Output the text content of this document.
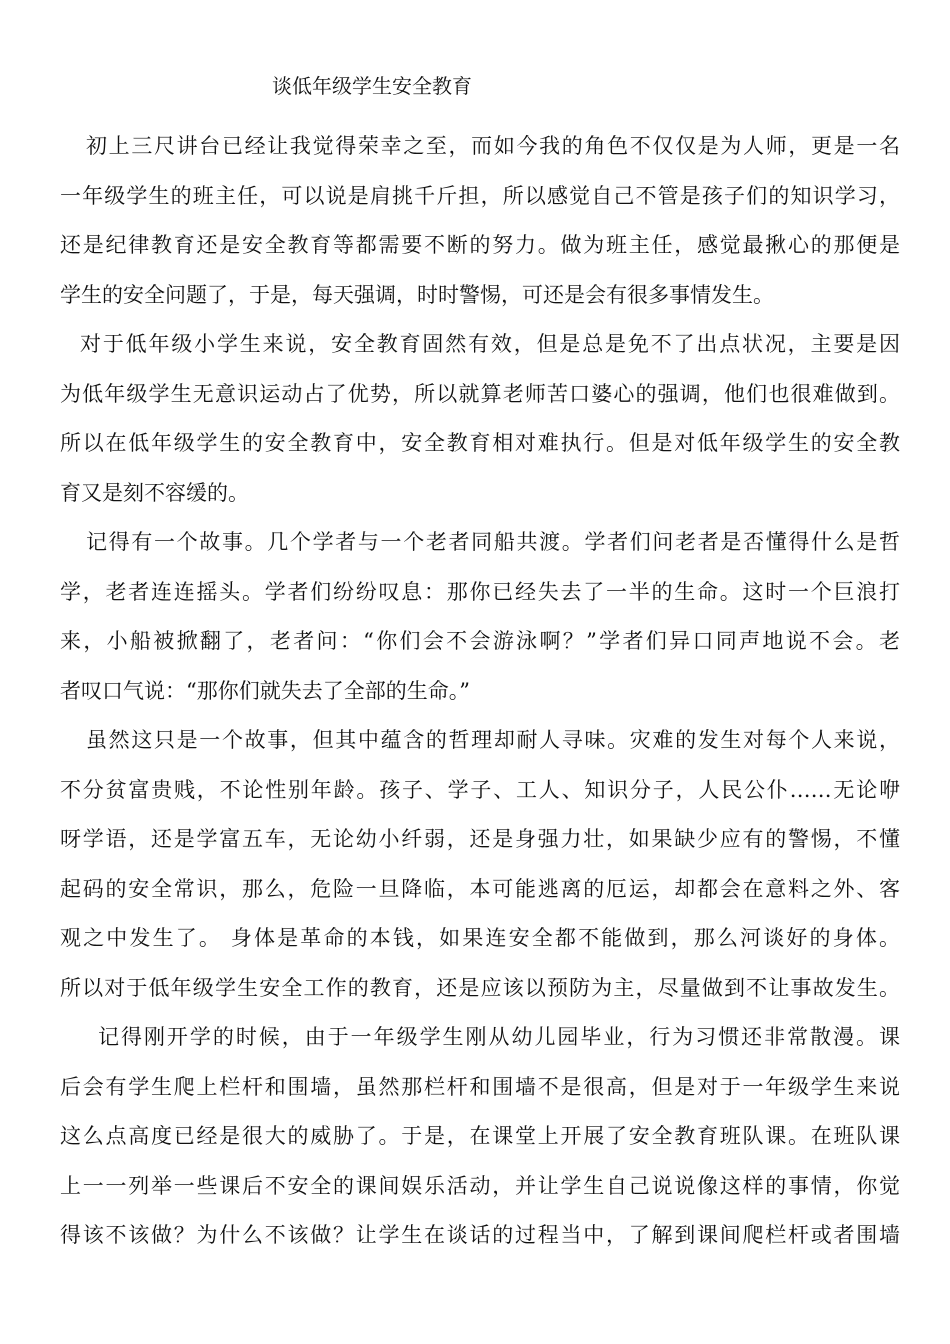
谈低年级学生安全教育
初上三尺讲台已经让我觉得荣幸之至，而如今我的角色不仅仅是为人师，更是一名
一年级学生的班主任，可以说是肩挑千斤担，所以感觉自己不管是孩子们的知识学习，
还是纪律教育还是安全教育等都需要不断的努力。做为班主任，感觉最揪心的那便是
学生的安全问题了，于是，每天强调，时时警惕，可还是会有很多事情发生。
对于低年级小学生来说，安全教育固然有效，但是总是免不了出点状况，主要是因
为低年级学生无意识运动占了优势，所以就算老师苦口婆心的强调，他们也很难做到。
所以在低年级学生的安全教育中，安全教育相对难执行。但是对低年级学生的安全教
育又是刻不容缓的。
记得有一个故事。几个学者与一个老者同船共渡。学者们问老者是否懂得什么是哲
学，老者连连摇头。学者们纷纷叹息：那你已经失去了一半的生命。这时一个巨浪打
来，小船被掀翻了，老者问：“你们会不会游泳啊？”学者们异口同声地说不会。老
者叹口气说：“那你们就失去了全部的生命。”
虽然这只是一个故事，但其中蕴含的哲理却耐人寻味。灾难的发生对每个人来说，
不分贫富贵贱，不论性别年龄。孩子、学子、工人、知识分子，人民公仆……无论咿
呀学语，还是学富五车，无论幼小纤弱，还是身强力壮，如果缺少应有的警惕，不懂
起码的安全常识，那么，危险一旦降临，本可能逃离的厄运，却都会在意料之外、客
观之中发生了。 身体是革命的本钱，如果连安全都不能做到，那么河谈好的身体。
所以对于低年级学生安全工作的教育，还是应该以预防为主，尽量做到不让事故发生。
记得刚开学的时候，由于一年级学生刚从幼儿园毕业，行为习惯还非常散漫。课
后会有学生爬上栏杆和围墙，虽然那栏杆和围墙不是很高，但是对于一年级学生来说
这么点高度已经是很大的威胁了。于是，在课堂上开展了安全教育班队课。在班队课
上一一列举一些课后不安全的课间娱乐活动，并让学生自己说说像这样的事情，你觉
得该不该做？为什么不该做？让学生在谈话的过程当中，了解到课间爬栏杆或者围墙
